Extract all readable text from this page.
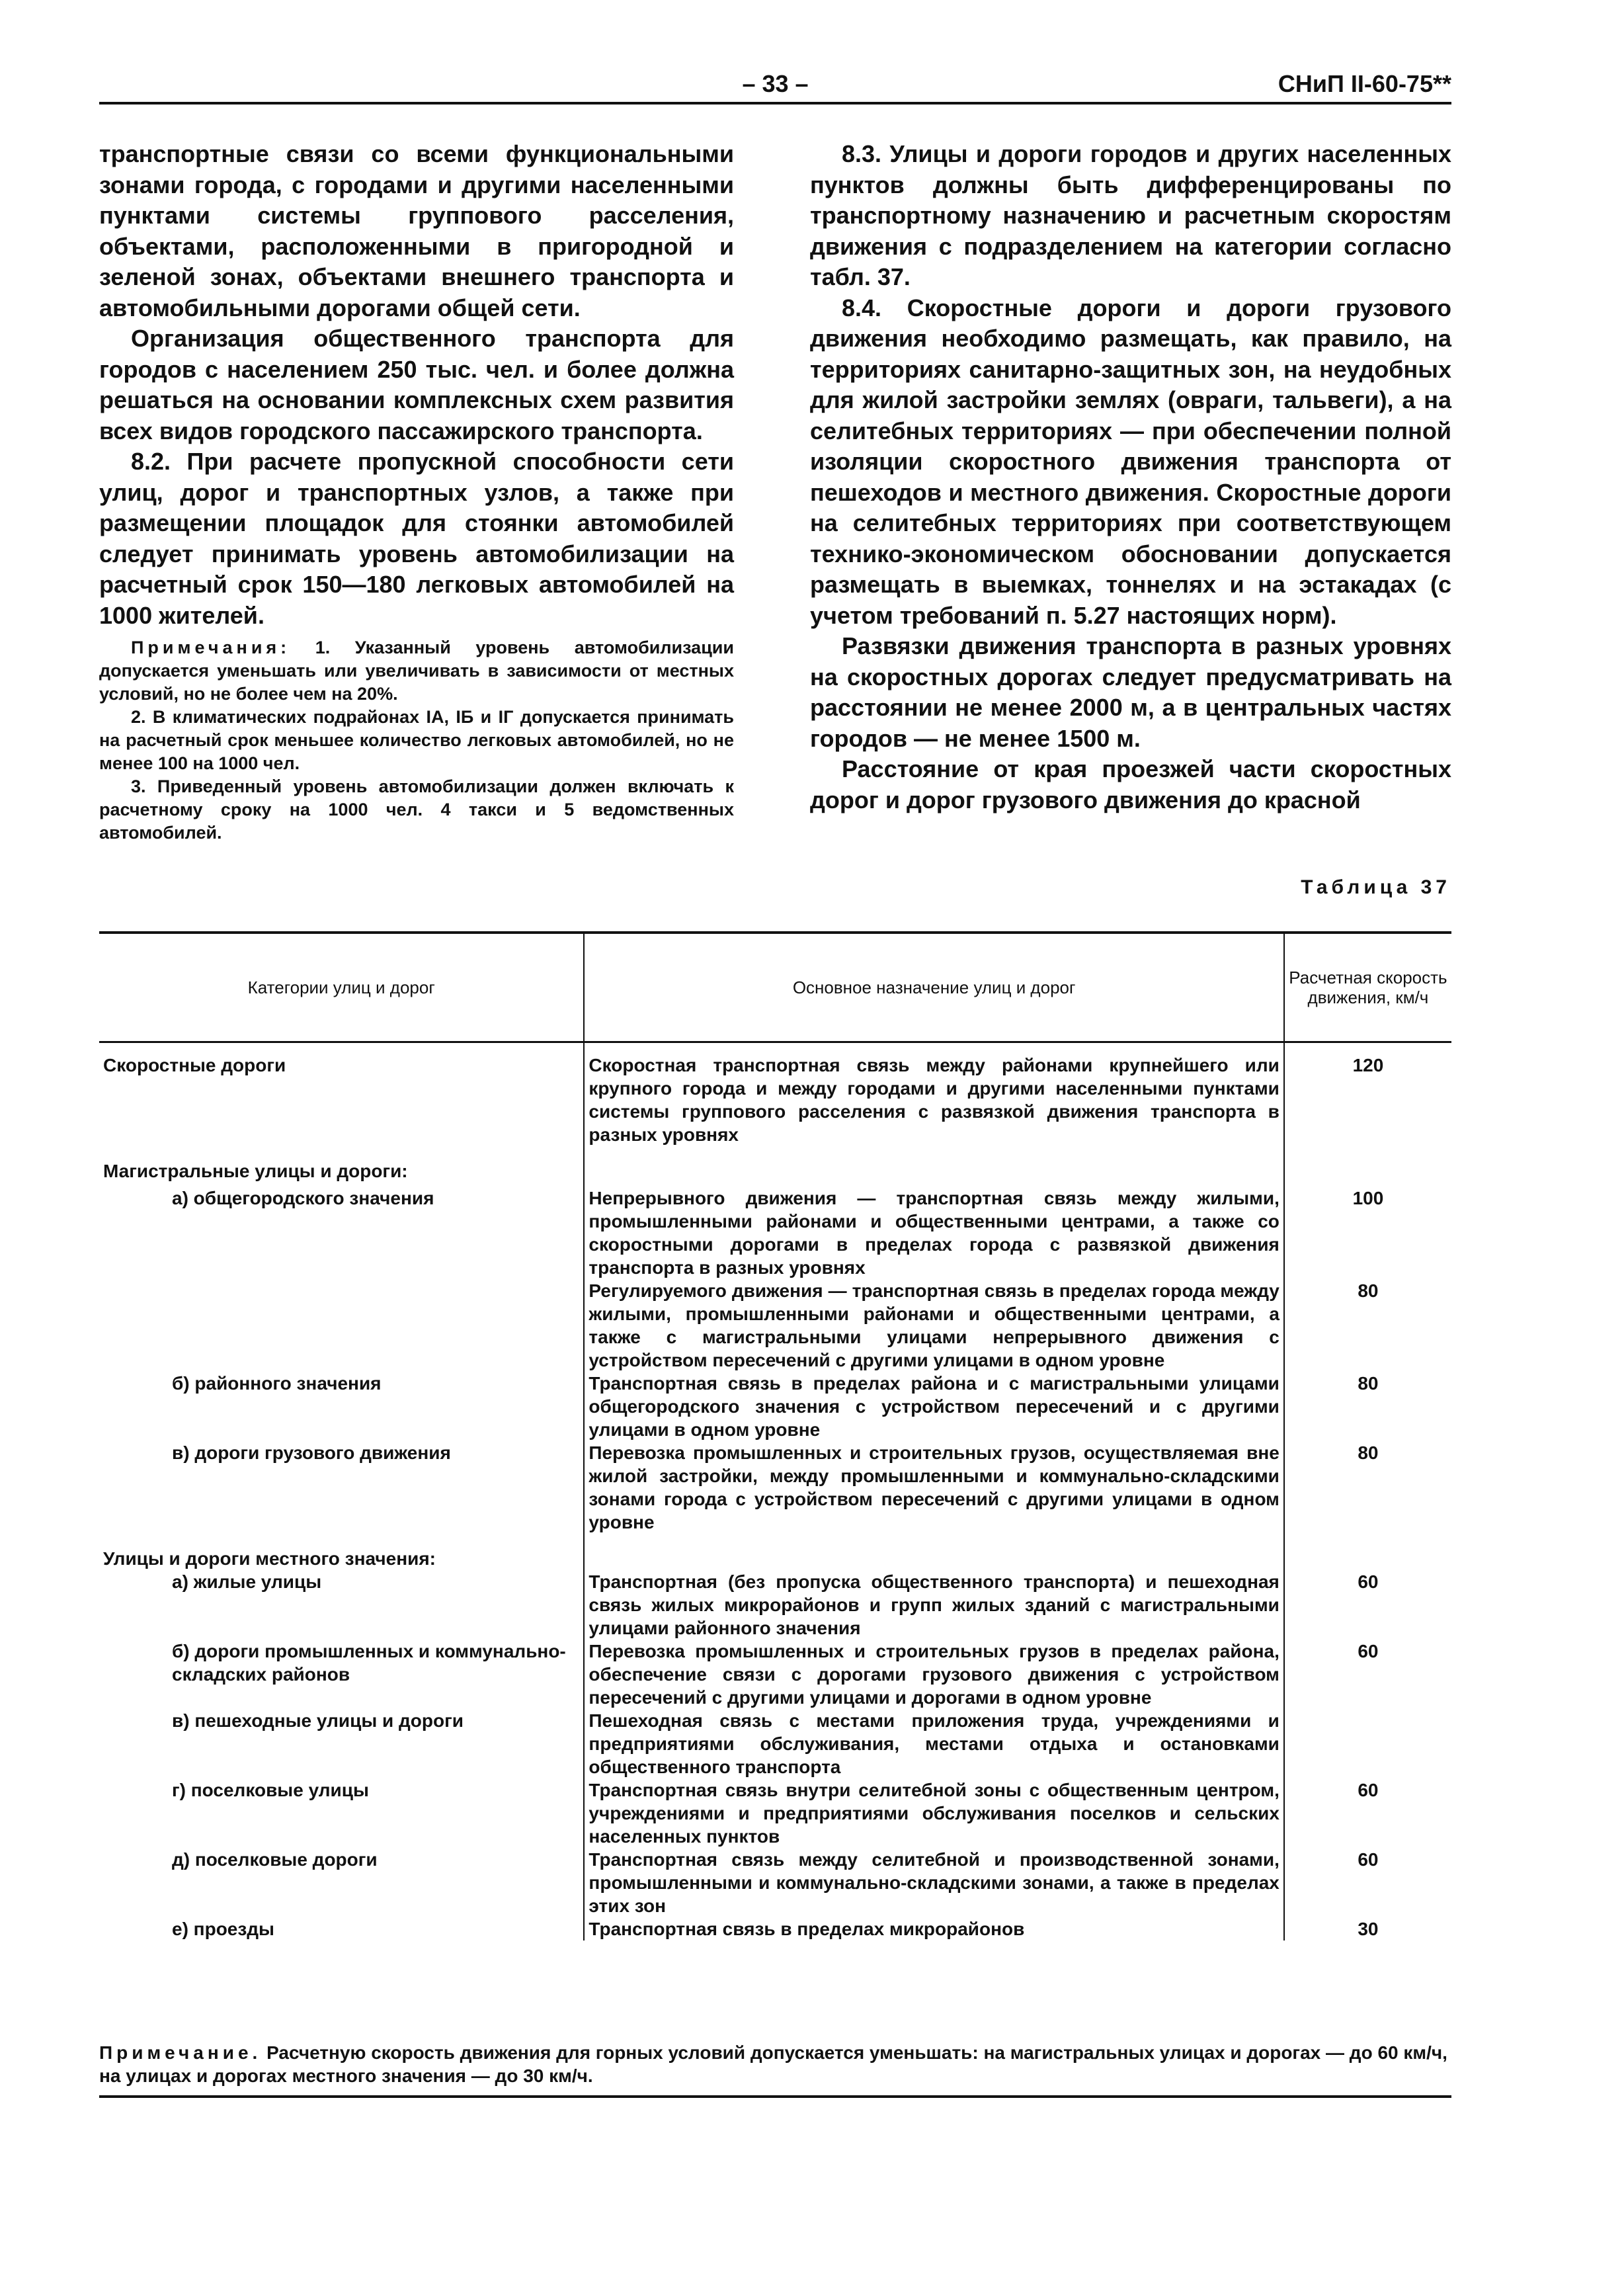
– 33 –	СНиП II-60-75**

транспортные связи со всеми функциональными зонами города, с городами и другими населенными пунктами системы группового расселения, объектами, расположенными в пригородной и зеленой зонах, объектами внешнего транспорта и автомобильными дорогами общей сети.

Организация общественного транспорта для городов с населением 250 тыс. чел. и более должна решаться на основании комплексных схем развития всех видов городского пассажирского транспорта.

8.2. При расчете пропускной способности сети улиц, дорог и транспортных узлов, а также при размещении площадок для стоянки автомобилей следует принимать уровень автомобилизации на расчетный срок 150—180 легковых автомобилей на 1000 жителей.

Примечания: 1. Указанный уровень автомобилизации допускается уменьшать или увеличивать в зависимости от местных условий, но не более чем на 20%.

2. В климатических подрайонах IА, IБ и IГ допускается принимать на расчетный срок меньшее количество легковых автомобилей, но не менее 100 на 1000 чел.

3. Приведенный уровень автомобилизации должен включать к расчетному сроку на 1000 чел. 4 такси и 5 ведомственных автомобилей.

8.3. Улицы и дороги городов и других населенных пунктов должны быть дифференцированы по транспортному назначению и расчетным скоростям движения с подразделением на категории согласно табл. 37.

8.4. Скоростные дороги и дороги грузового движения необходимо размещать, как правило, на территориях санитарно-защитных зон, на неудобных для жилой застройки землях (овраги, тальвеги), а на селитебных территориях — при обеспечении полной изоляции скоростного движения транспорта от пешеходов и местного движения. Скоростные дороги на селитебных территориях при соответствующем технико-экономическом обосновании допускается размещать в выемках, тоннелях и на эстакадах (с учетом требований п. 5.27 настоящих норм).

Развязки движения транспорта в разных уровнях на скоростных дорогах следует предусматривать на расстоянии не менее 2000 м, а в центральных частях городов — не менее 1500 м.

Расстояние от края проезжей части скоростных дорог и дорог грузового движения до красной

Таблица 37
Категории улиц и дорог	Основное назначение улиц и дорог	Расчетная скорость движения, км/ч
Скоростные дороги	Скоростная транспортная связь между районами крупнейшего или крупного города и между городами и другими населенными пунктами системы группового расселения с развязкой движения транспорта в разных уровнях	120
Магистральные улицы и дороги:		
а) общегородского значения	Непрерывного движения — транспортная связь между жилыми, промышленными районами и общественными центрами, а также со скоростными дорогами в пределах города с развязкой движения транспорта в разных уровнях	100
	Регулируемого движения — транспортная связь в пределах города между жилыми, промышленными районами и общественными центрами, а также с магистральными улицами непрерывного движения с устройством пересечений с другими улицами в одном уровне	80
б) районного значения	Транспортная связь в пределах района и с магистральными улицами общегородского значения с устройством пересечений и с другими улицами в одном уровне	80
в) дороги грузового движения	Перевозка промышленных и строительных грузов, осуществляемая вне жилой застройки, между промышленными и коммунально-складскими зонами города с устройством пересечений с другими улицами в одном уровне	80
Улицы и дороги местного значения:		
а) жилые улицы	Транспортная (без пропуска общественного транспорта) и пешеходная связь жилых микрорайонов и групп жилых зданий с магистральными улицами районного значения	60
б) дороги промышленных и коммунально-складских районов	Перевозка промышленных и строительных грузов в пределах района, обеспечение связи с дорогами грузового движения с устройством пересечений с другими улицами и дорогами в одном уровне	60
в) пешеходные улицы и дороги	Пешеходная связь с местами приложения труда, учреждениями и предприятиями обслуживания, местами отдыха и остановками общественного транспорта	
г) поселковые улицы	Транспортная связь внутри селитебной зоны с общественным центром, учреждениями и предприятиями обслуживания поселков и сельских населенных пунктов	60
д) поселковые дороги	Транспортная связь между селитебной и производственной зонами, промышленными и коммунально-складскими зонами, а также в пределах этих зон	60
е) проезды	Транспортная связь в пределах микрорайонов	30
Примечание. Расчетную скорость движения для горных условий допускается уменьшать: на магистральных улицах и дорогах — до 60 км/ч, на улицах и дорогах местного значения — до 30 км/ч.
